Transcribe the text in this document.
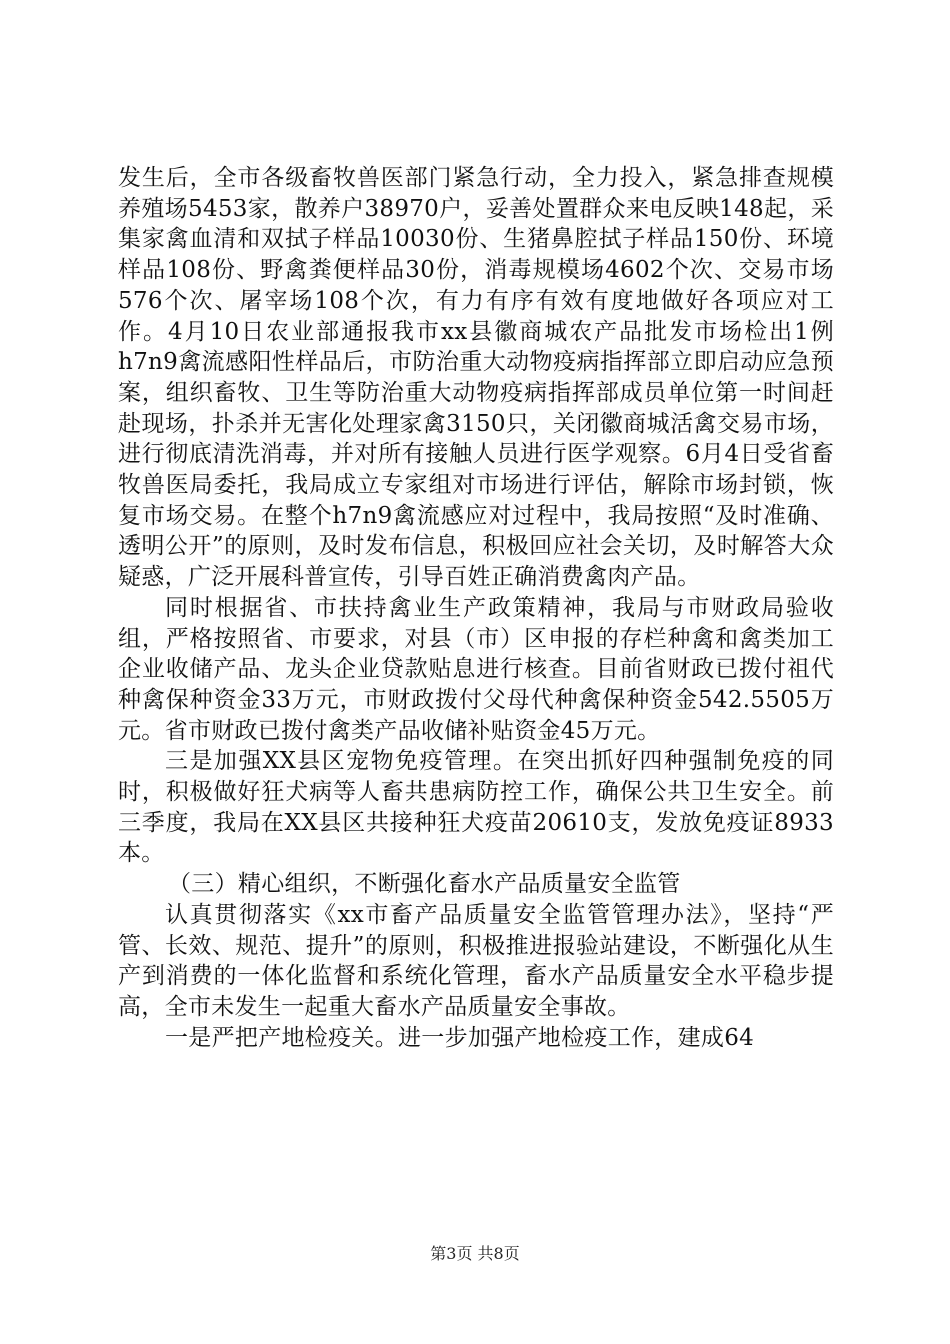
发生后，全市各级畜牧兽医部门紧急行动，全力投入，紧急排查规模养殖场5453家，散养户38970户，妥善处置群众来电反映148起，采集家禽血清和双拭子样品10030份、生猪鼻腔拭子样品150份、环境样品108份、野禽粪便样品30份，消毒规模场4602个次、交易市场576个次、屠宰场108个次，有力有序有效有度地做好各项应对工作。4月10日农业部通报我市xx县徽商城农产品批发市场检出1例h7n9禽流感阳性样品后，市防治重大动物疫病指挥部立即启动应急预案，组织畜牧、卫生等防治重大动物疫病指挥部成员单位第一时间赶赴现场，扑杀并无害化处理家禽3150只，关闭徽商城活禽交易市场，进行彻底清洗消毒，并对所有接触人员进行医学观察。6月4日受省畜牧兽医局委托，我局成立专家组对市场进行评估，解除市场封锁，恢复市场交易。在整个h7n9禽流感应对过程中，我局按照“及时准确、透明公开”的原则，及时发布信息，积极回应社会关切，及时解答大众疑惑，广泛开展科普宣传，引导百姓正确消费禽肉产品。

同时根据省、市扶持禽业生产政策精神，我局与市财政局验收组，严格按照省、市要求，对县（市）区申报的存栏种禽和禽类加工企业收储产品、龙头企业贷款贴息进行核查。目前省财政已拨付祖代种禽保种资金33万元，市财政拨付父母代种禽保种资金542.5505万元。省市财政已拨付禽类产品收储补贴资金45万元。

三是加强XX县区宠物免疫管理。在突出抓好四种强制免疫的同时，积极做好狂犬病等人畜共患病防控工作，确保公共卫生安全。前三季度，我局在XX县区共接种狂犬疫苗20610支，发放免疫证8933本。

（三）精心组织，不断强化畜水产品质量安全监管

认真贯彻落实《xx市畜产品质量安全监管管理办法》，坚持“严管、长效、规范、提升”的原则，积极推进报验站建设，不断强化从生产到消费的一体化监督和系统化管理，畜水产品质量安全水平稳步提高，全市未发生一起重大畜水产品质量安全事故。

一是严把产地检疫关。进一步加强产地检疫工作，建成64

第3页 共8页
